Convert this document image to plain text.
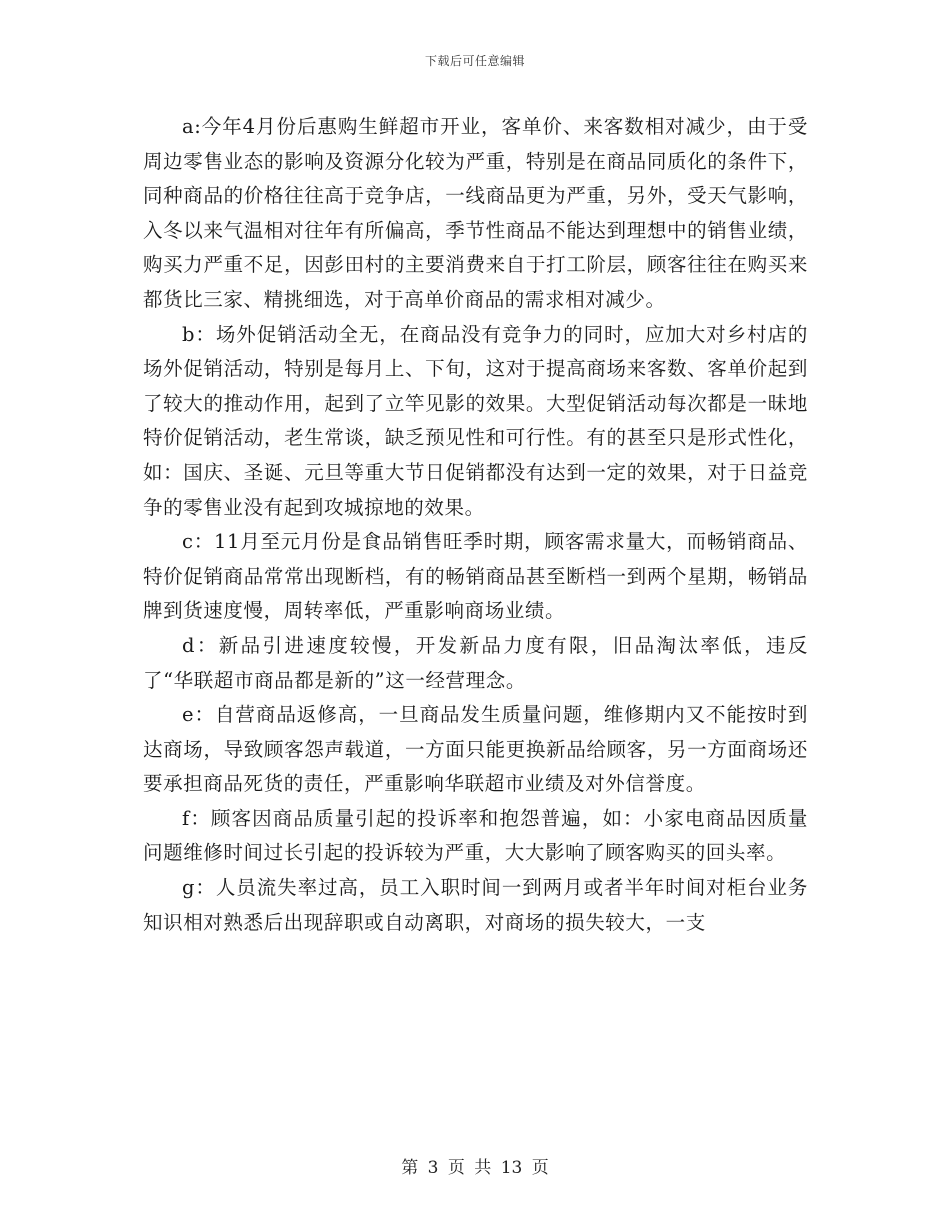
下载后可任意编辑

a:今年4月份后惠购生鲜超市开业，客单价、来客数相对减少，由于受周边零售业态的影响及资源分化较为严重，特别是在商品同质化的条件下，同种商品的价格往往高于竞争店，一线商品更为严重，另外，受天气影响，入冬以来气温相对往年有所偏高，季节性商品不能达到理想中的销售业绩，购买力严重不足，因彭田村的主要消费来自于打工阶层，顾客往往在购买来都货比三家、精挑细选，对于高单价商品的需求相对减少。

b：场外促销活动全无，在商品没有竞争力的同时，应加大对乡村店的场外促销活动，特别是每月上、下旬，这对于提高商场来客数、客单价起到了较大的推动作用，起到了立竿见影的效果。大型促销活动每次都是一昧地特价促销活动，老生常谈，缺乏预见性和可行性。有的甚至只是形式性化，如：国庆、圣诞、元旦等重大节日促销都没有达到一定的效果，对于日益竞争的零售业没有起到攻城掠地的效果。

c：11月至元月份是食品销售旺季时期，顾客需求量大，而畅销商品、特价促销商品常常出现断档，有的畅销商品甚至断档一到两个星期，畅销品牌到货速度慢，周转率低，严重影响商场业绩。

d：新品引进速度较慢，开发新品力度有限，旧品淘汰率低，违反了“华联超市商品都是新的”这一经营理念。

e：自营商品返修高，一旦商品发生质量问题，维修期内又不能按时到达商场，导致顾客怨声载道，一方面只能更换新品给顾客，另一方面商场还要承担商品死货的责任，严重影响华联超市业绩及对外信誉度。

f：顾客因商品质量引起的投诉率和抱怨普遍，如：小家电商品因质量问题维修时间过长引起的投诉较为严重，大大影响了顾客购买的回头率。

g：人员流失率过高，员工入职时间一到两月或者半年时间对柜台业务知识相对熟悉后出现辞职或自动离职，对商场的损失较大，一支

第 3 页 共 13 页
